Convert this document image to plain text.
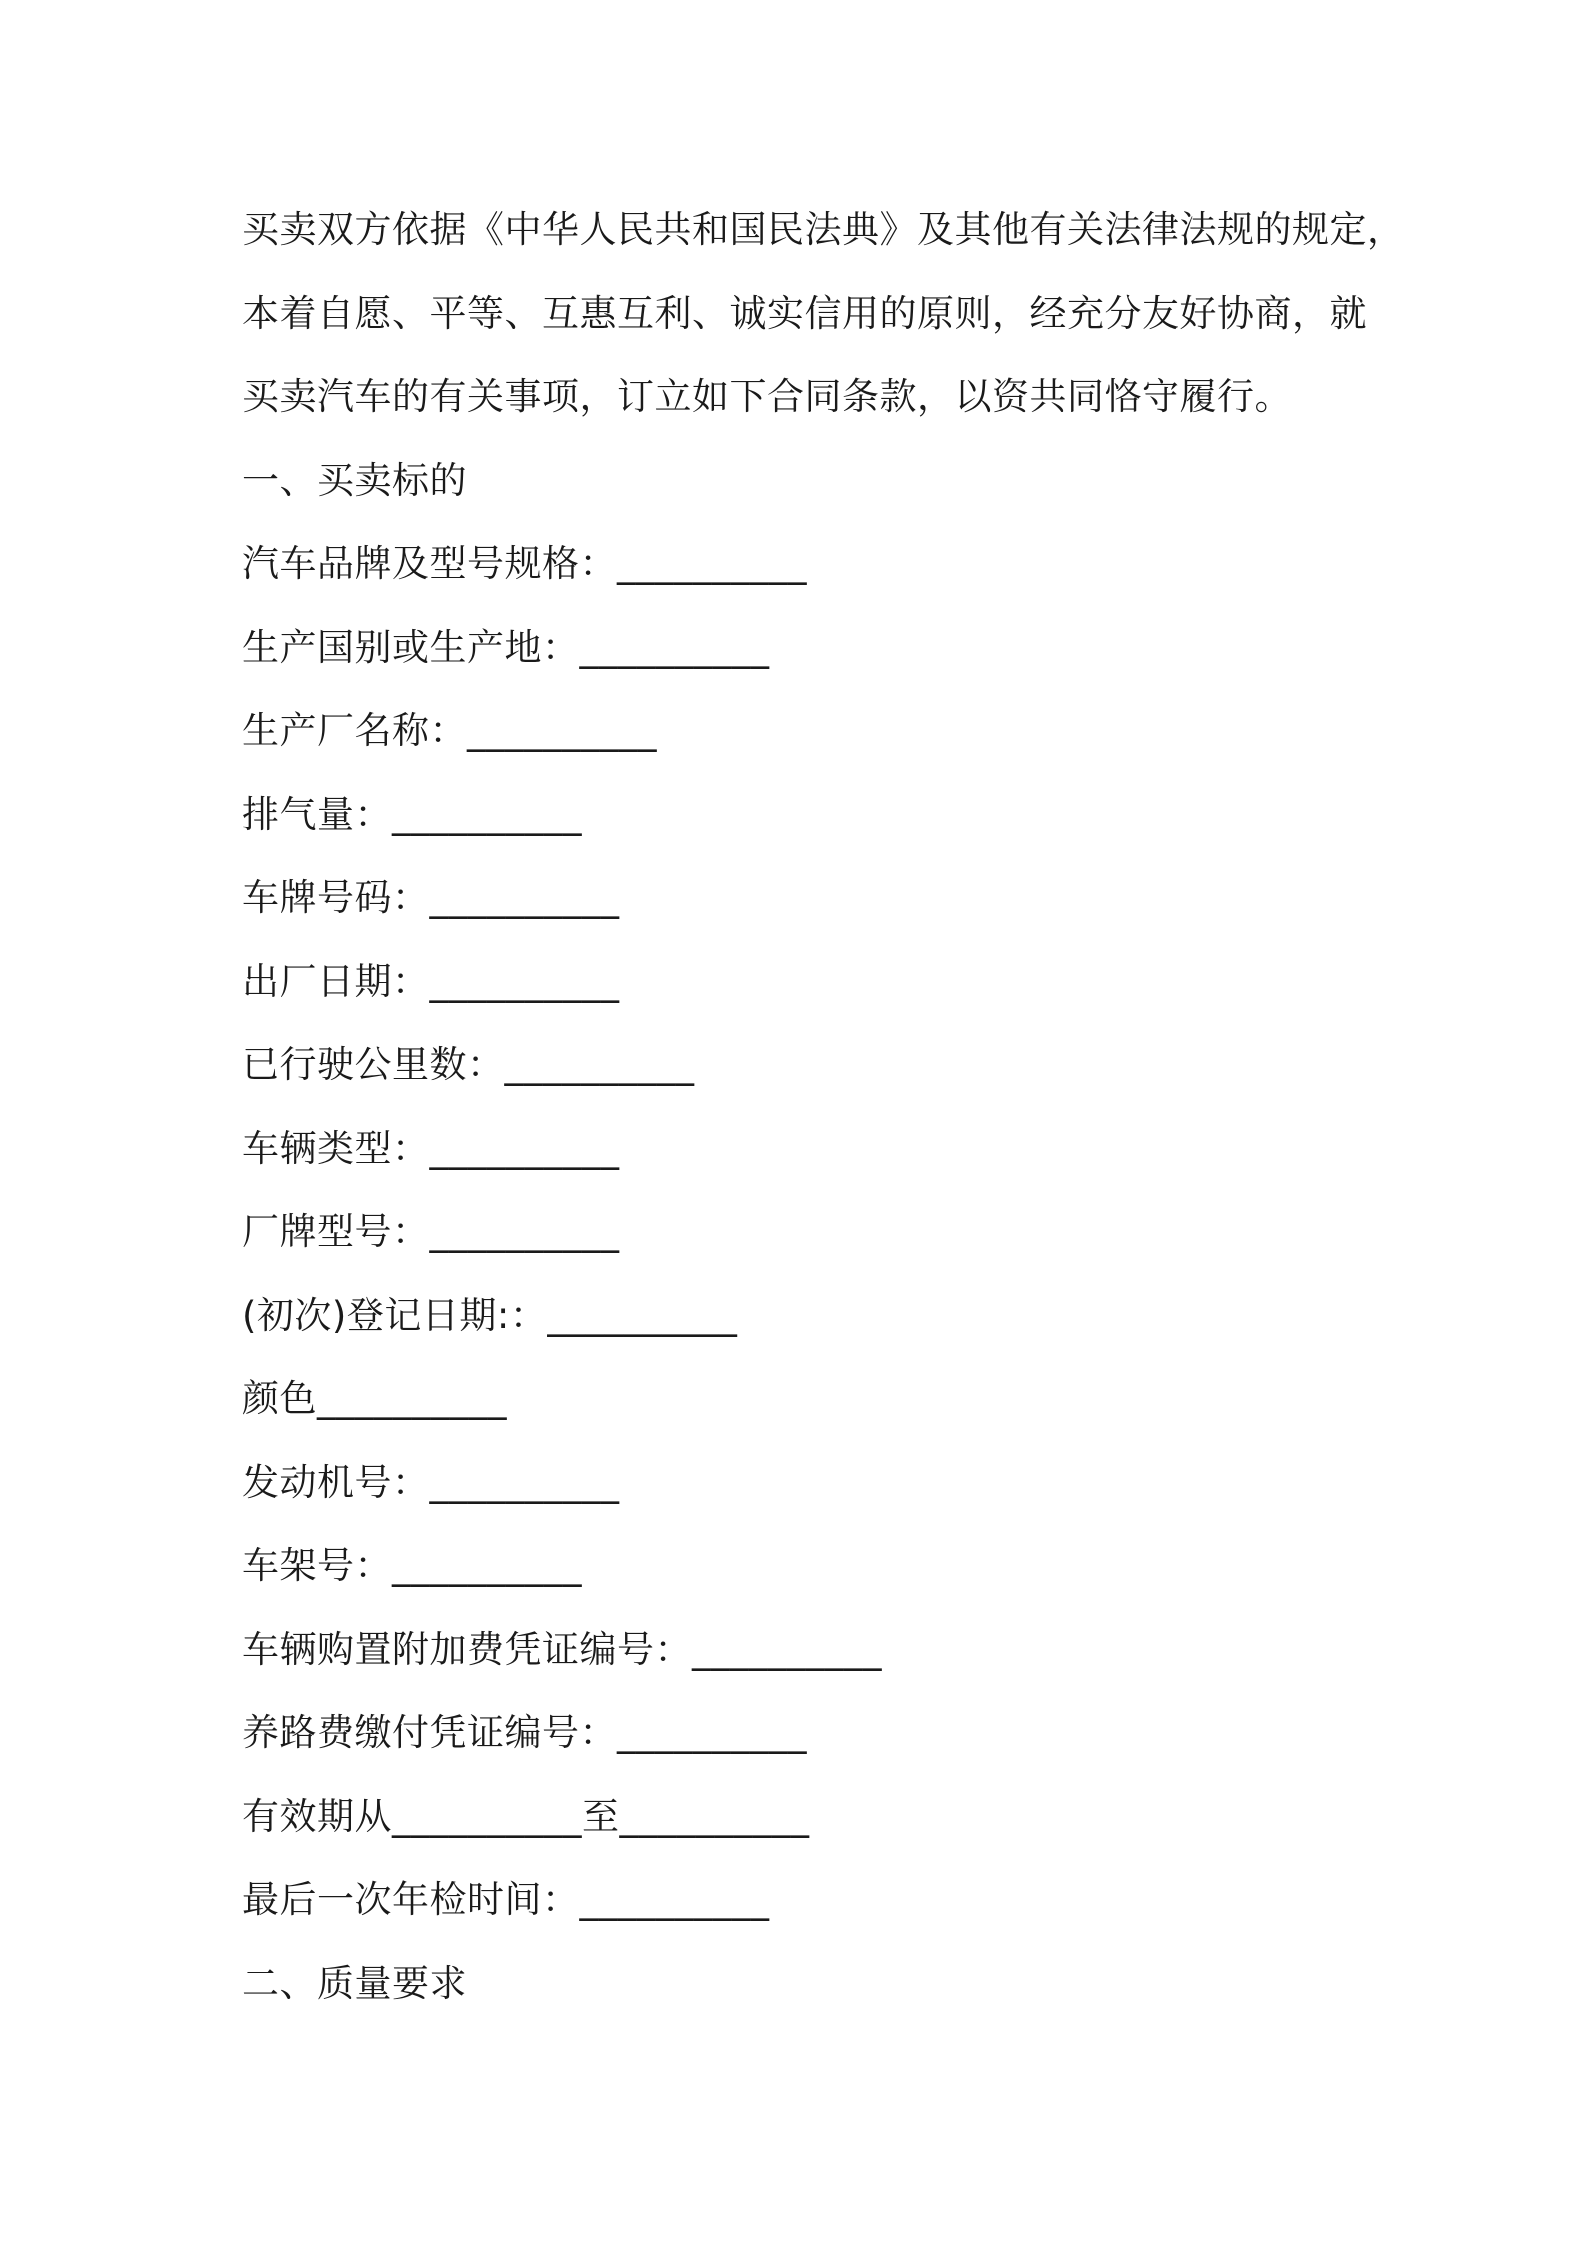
买卖双方依据《中华人民共和国民法典》及其他有关法律法规的规定，
本着自愿、平等、互惠互利、诚实信用的原则，经充分友好协商，就
买卖汽车的有关事项，订立如下合同条款，以资共同恪守履行。
一、买卖标的
汽车品牌及型号规格：__________
生产国别或生产地：__________
生产厂名称：__________
排气量：__________
车牌号码：__________
出厂日期：__________
已行驶公里数：__________
车辆类型：__________
厂牌型号：__________
(初次)登记日期:：__________
颜色__________
发动机号：__________
车架号：__________
车辆购置附加费凭证编号：__________
养路费缴付凭证编号：__________
有效期从__________至__________
最后一次年检时间：__________
二、质量要求
